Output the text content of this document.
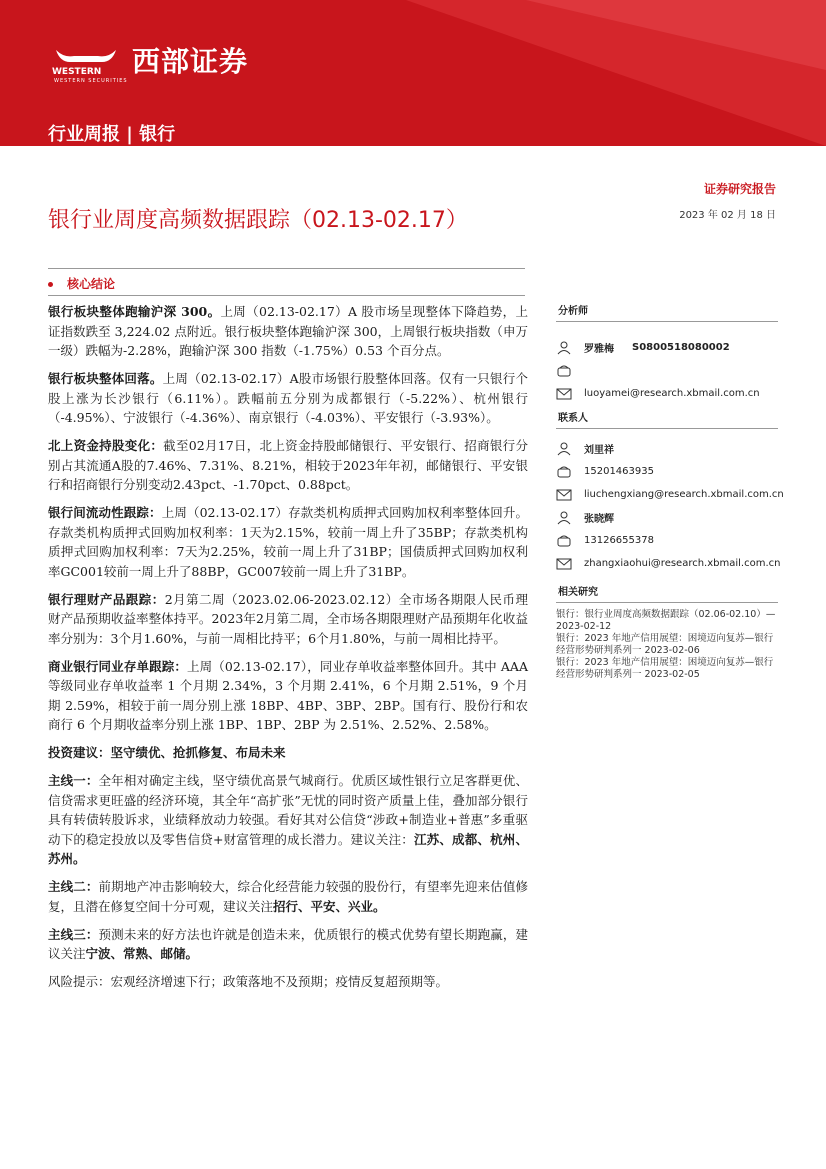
WESTERN
WESTERN SECURITIES
西部证券
行业周报 | 银行
证券研究报告
银行业周度高频数据跟踪（02.13-02.17）	2023 年 02 月 18 日
核心结论

银行板块整体跑输沪深 300。上周（02.13-02.17）A 股市场呈现整体下降趋势，上证指数跌至 3,224.02 点附近。银行板块整体跑输沪深 300，上周银行板块指数（申万一级）跌幅为-2.28%，跑输沪深 300 指数（-1.75%）0.53 个百分点。

银行板块整体回落。上周（02.13-02.17）A股市场银行股整体回落。仅有一只银行个股上涨为长沙银行（6.11%）。跌幅前五分别为成都银行（-5.22%）、杭州银行（-4.95%）、宁波银行（-4.36%）、南京银行（-4.03%）、平安银行（-3.93%）。

北上资金持股变化：截至02月17日，北上资金持股邮储银行、平安银行、招商银行分别占其流通A股的7.46%、7.31%、8.21%，相较于2023年年初，邮储银行、平安银行和招商银行分别变动2.43pct、-1.70pct、0.88pct。

银行间流动性跟踪：上周（02.13-02.17）存款类机构质押式回购加权利率整体回升。存款类机构质押式回购加权利率：1天为2.15%，较前一周上升了35BP；存款类机构质押式回购加权利率：7天为2.25%，较前一周上升了31BP；国债质押式回购加权利率GC001较前一周上升了88BP，GC007较前一周上升了31BP。

银行理财产品跟踪：2月第二周（2023.02.06-2023.02.12）全市场各期限人民币理财产品预期收益率整体持平。2023年2月第二周，全市场各期限理财产品预期年化收益率分别为：3个月1.60%，与前一周相比持平；6个月1.80%，与前一周相比持平。

商业银行同业存单跟踪：上周（02.13-02.17），同业存单收益率整体回升。其中 AAA 等级同业存单收益率 1 个月期 2.34%，3 个月期 2.41%，6 个月期 2.51%，9 个月期 2.59%，相较于前一周分别上涨 18BP、4BP、3BP、2BP。国有行、股份行和农商行 6 个月期收益率分别上涨 1BP、1BP、2BP 为 2.51%、2.52%、2.58%。

投资建议：坚守绩优、抢抓修复、布局未来

主线一：全年相对确定主线，坚守绩优高景气城商行。优质区域性银行立足客群更优、信贷需求更旺盛的经济环境，其全年“高扩张”无忧的同时资产质量上佳，叠加部分银行具有转债转股诉求，业绩释放动力较强。看好其对公信贷“涉政+制造业+普惠”多重驱动下的稳定投放以及零售信贷+财富管理的成长潜力。建议关注：江苏、成都、杭州、苏州。

主线二：前期地产冲击影响较大，综合化经营能力较强的股份行，有望率先迎来估值修复，且潜在修复空间十分可观，建议关注招行、平安、兴业。

主线三：预测未来的好方法也许就是创造未来，优质银行的模式优势有望长期跑赢，建议关注宁波、常熟、邮储。

风险提示：宏观经济增速下行；政策落地不及预期；疫情反复超预期等。

分析师
罗雅梅 S0800518080002
luoyamei@research.xbmail.com.cn
联系人
刘里祥
15201463935
liuchengxiang@research.xbmail.com.cn
张晓辉
13126655378
zhangxiaohui@research.xbmail.com.cn
相关研究
银行：银行业周度高频数据跟踪（02.06-02.10）— 2023-02-12
银行：2023 年地产信用展望：困境迈向复苏—银行经营形势研判系列一 2023-02-06
银行：2023 年地产信用展望：困境迈向复苏—银行经营形势研判系列一 2023-02-05
